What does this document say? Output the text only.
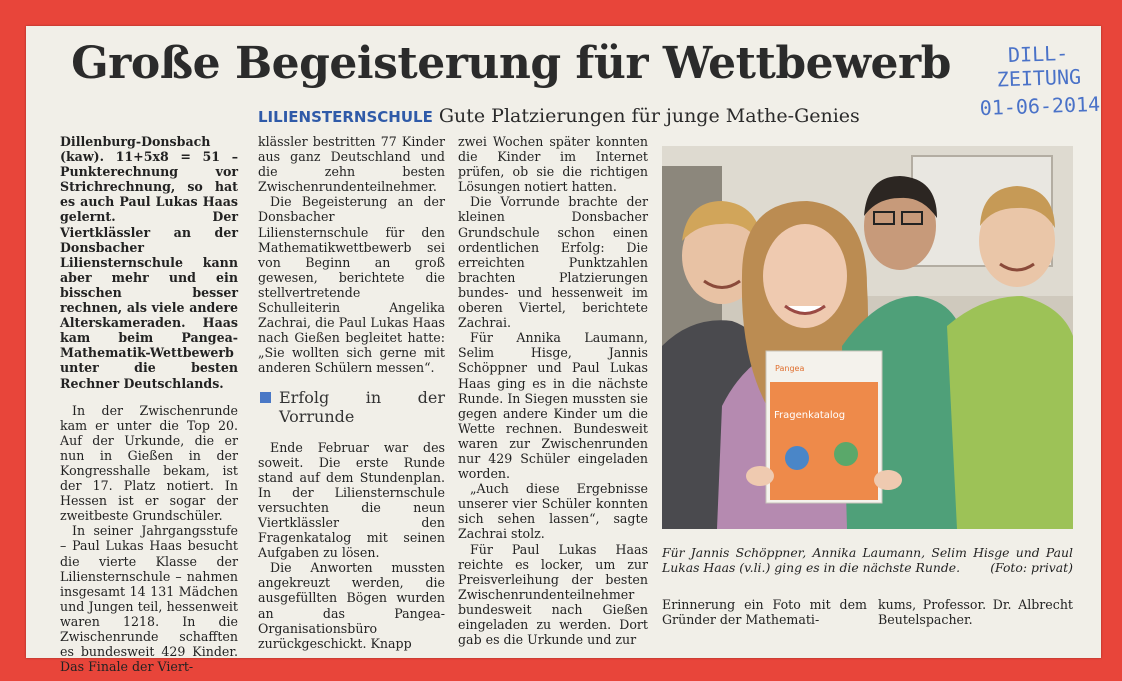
Große Begeisterung für Wettbewerb
LILIENSTERNSCHULE Gute Platzierungen für junge Mathe-Genies
DILL-
ZEITUNG
01-06-2014

Dillenburg-Donsbach (kaw). 11+5x8 = 51 – Punkterechnung vor Strichrechnung, so hat es auch Paul Lukas Haas gelernt. Der Viertklässler an der Donsbacher Liliensternschule kann aber mehr und ein bisschen besser rechnen, als viele andere Alterskameraden. Haas kam beim Pangea-Mathematik-Wettbewerb unter die besten Rechner Deutschlands.

In der Zwischenrunde kam er unter die Top 20. Auf der Urkunde, die er nun in Gießen in der Kongresshalle bekam, ist der 17. Platz notiert. In Hessen ist er sogar der zweitbeste Grundschüler.

In seiner Jahrgangsstufe – Paul Lukas Haas besucht die vierte Klasse der Liliensternschule – nahmen insgesamt 14 131 Mädchen und Jungen teil, hessenweit waren 1218. In die Zwischenrunde schafften es bundesweit 429 Kinder. Das Finale der Viert-

klässler bestritten 77 Kinder aus ganz Deutschland und die zehn besten Zwischenrundenteilnehmer.

Die Begeisterung an der Donsbacher Liliensternschule für den Mathematikwettbewerb sei von Beginn an groß gewesen, berichtete die stellvertretende Schulleiterin Angelika Zachrai, die Paul Lukas Haas nach Gießen begleitet hatte: „Sie wollten sich gerne mit anderen Schülern messen“.

Erfolg in der Vorrunde

Ende Februar war des soweit. Die erste Runde stand auf dem Stundenplan. In der Liliensternschule versuchten die neun Viertklässler den Fragenkatalog mit seinen Aufgaben zu lösen.

Die Anworten mussten angekreuzt werden, die ausgefüllten Bögen wurden an das Pangea-Organisationsbüro zurückgeschickt. Knapp

zwei Wochen später konnten die Kinder im Internet prüfen, ob sie die richtigen Lösungen notiert hatten.

Die Vorrunde brachte der kleinen Donsbacher Grundschule schon einen ordentlichen Erfolg: Die erreichten Punktzahlen brachten Platzierungen bundes- und hessenweit im oberen Viertel, berichtete Zachrai.

Für Annika Laumann, Selim Hisge, Jannis Schöppner und Paul Lukas Haas ging es in die nächste Runde. In Siegen mussten sie gegen andere Kinder um die Wette rechnen. Bundesweit waren zur Zwischenrunden nur 429 Schüler eingeladen worden.

„Auch diese Ergebnisse unserer vier Schüler konnten sich sehen lassen“, sagte Zachrai stolz.

Für Paul Lukas Haas reichte es locker, um zur Preisverleihung der besten Zwischenrundenteilnehmer bundesweit nach Gießen eingeladen zu werden. Dort gab es die Urkunde und zur

Pangea
Fragenkatalog
Für Jannis Schöppner, Annika Laumann, Selim Hisge und Paul Lukas Haas (v.li.) ging es in die nächste Runde. (Foto: privat)
Erinnerung ein Foto mit dem Gründer der Mathemati-
kums, Professor. Dr. Albrecht Beutelspacher.
